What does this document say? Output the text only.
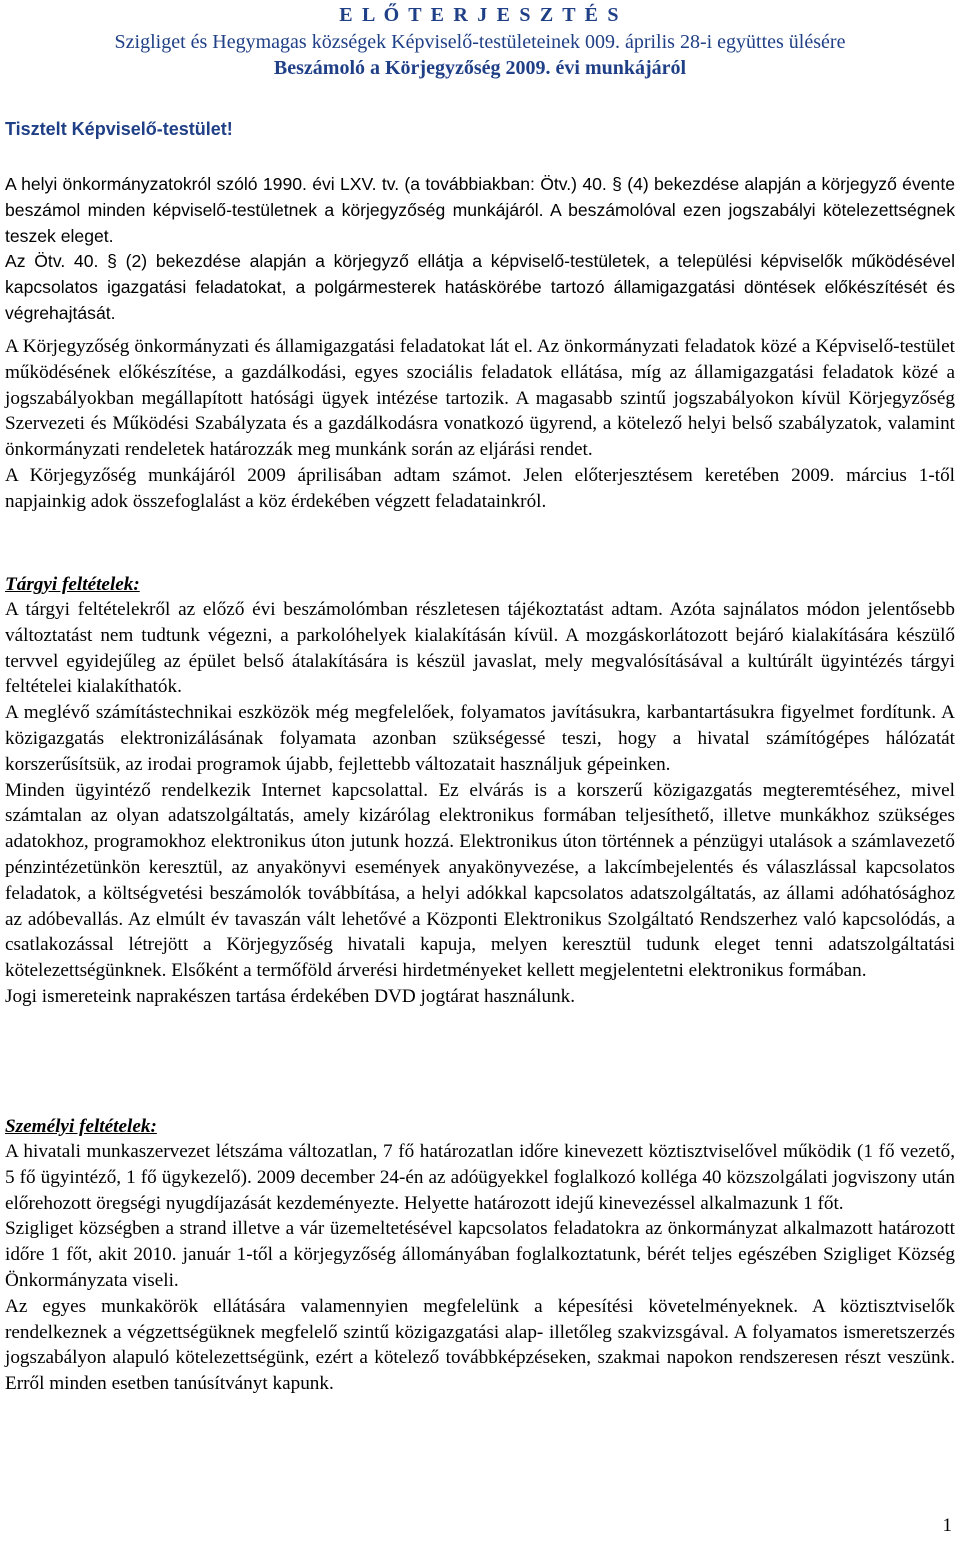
E L Ő T E R J E S Z T É S
Szigliget és Hegymagas községek Képviselő-testületeinek 009. április 28-i együttes ülésére
Beszámoló a Körjegyzőség 2009. évi munkájáról
Tisztelt Képviselő-testület!

A helyi önkormányzatokról szóló 1990. évi LXV. tv. (a továbbiakban: Ötv.) 40. § (4) bekezdése alapján a körjegyző évente beszámol minden képviselő-testületnek a körjegyzőség munkájáról. A beszámolóval ezen jogszabályi kötelezettségnek teszek eleget.

Az Ötv. 40. § (2) bekezdése alapján a körjegyző ellátja a képviselő-testületek, a települési képviselők működésével kapcsolatos igazgatási feladatokat, a polgármesterek hatáskörébe tartozó államigazgatási döntések előkészítését és végrehajtását.

A Körjegyzőség önkormányzati és államigazgatási feladatokat lát el. Az önkormányzati feladatok közé a Képviselő-testület működésének előkészítése, a gazdálkodási, egyes szociális feladatok ellátása, míg az államigazgatási feladatok közé a jogszabályokban megállapított hatósági ügyek intézése tartozik. A magasabb szintű jogszabályokon kívül Körjegyzőség Szervezeti és Működési Szabályzata és a gazdálkodásra vonatkozó ügyrend, a kötelező helyi belső szabályzatok, valamint önkormányzati rendeletek határozzák meg munkánk során az eljárási rendet.

A Körjegyzőség munkájáról 2009 áprilisában adtam számot. Jelen előterjesztésem keretében 2009. március 1-től napjainkig adok összefoglalást a köz érdekében végzett feladatainkról.

Tárgyi feltételek:

A tárgyi feltételekről az előző évi beszámolómban részletesen tájékoztatást adtam. Azóta sajnálatos módon jelentősebb változtatást nem tudtunk végezni, a parkolóhelyek kialakításán kívül. A mozgáskorlátozott bejáró kialakítására készülő tervvel egyidejűleg az épület belső átalakítására is készül javaslat, mely megvalósításával a kultúrált ügyintézés tárgyi feltételei kialakíthatók.

A meglévő számítástechnikai eszközök még megfelelőek, folyamatos javításukra, karbantartásukra figyelmet fordítunk. A közigazgatás elektronizálásának folyamata azonban szükségessé teszi, hogy a hivatal számítógépes hálózatát korszerűsítsük, az irodai programok újabb, fejlettebb változatait használjuk gépeinken.

Minden ügyintéző rendelkezik Internet kapcsolattal. Ez elvárás is a korszerű közigazgatás megteremtéséhez, mivel számtalan az olyan adatszolgáltatás, amely kizárólag elektronikus formában teljesíthető, illetve munkákhoz szükséges adatokhoz, programokhoz elektronikus úton jutunk hozzá. Elektronikus úton történnek a pénzügyi utalások a számlavezető pénzintézetünkön keresztül, az anyakönyvi események anyakönyvezése, a lakcímbejelentés és válaszlással kapcsolatos feladatok, a költségvetési beszámolók továbbítása, a helyi adókkal kapcsolatos adatszolgáltatás, az állami adóhatósághoz az adóbevallás. Az elmúlt év tavaszán vált lehetővé a Központi Elektronikus Szolgáltató Rendszerhez való kapcsolódás, a csatlakozással létrejött a Körjegyzőség hivatali kapuja, melyen keresztül tudunk eleget tenni adatszolgáltatási kötelezettségünknek. Elsőként a termőföld árverési hirdetményeket kellett megjelentetni elektronikus formában.

Jogi ismereteink naprakészen tartása érdekében DVD jogtárat használunk.

Személyi feltételek:

A hivatali munkaszervezet létszáma változatlan, 7 fő határozatlan időre kinevezett köztisztviselővel működik (1 fő vezető, 5 fő ügyintéző, 1 fő ügykezelő). 2009 december 24-én az adóügyekkel foglalkozó kolléga 40 közszolgálati jogviszony után előrehozott öregségi nyugdíjazását kezdeményezte. Helyette határozott idejű kinevezéssel alkalmazunk 1 főt.

Szigliget községben a strand illetve a vár üzemeltetésével kapcsolatos feladatokra az önkormányzat alkalmazott határozott időre 1 főt, akit 2010. január 1-től a körjegyzőség állományában foglalkoztatunk, bérét teljes egészében Szigliget Község Önkormányzata viseli.

Az egyes munkakörök ellátására valamennyien megfelelünk a képesítési követelményeknek. A köztisztviselők rendelkeznek a végzettségüknek megfelelő szintű közigazgatási alap- illetőleg szakvizsgával. A folyamatos ismeretszerzés jogszabályon alapuló kötelezettségünk, ezért a kötelező továbbképzéseken, szakmai napokon rendszeresen részt veszünk. Erről minden esetben tanúsítványt kapunk.

1
